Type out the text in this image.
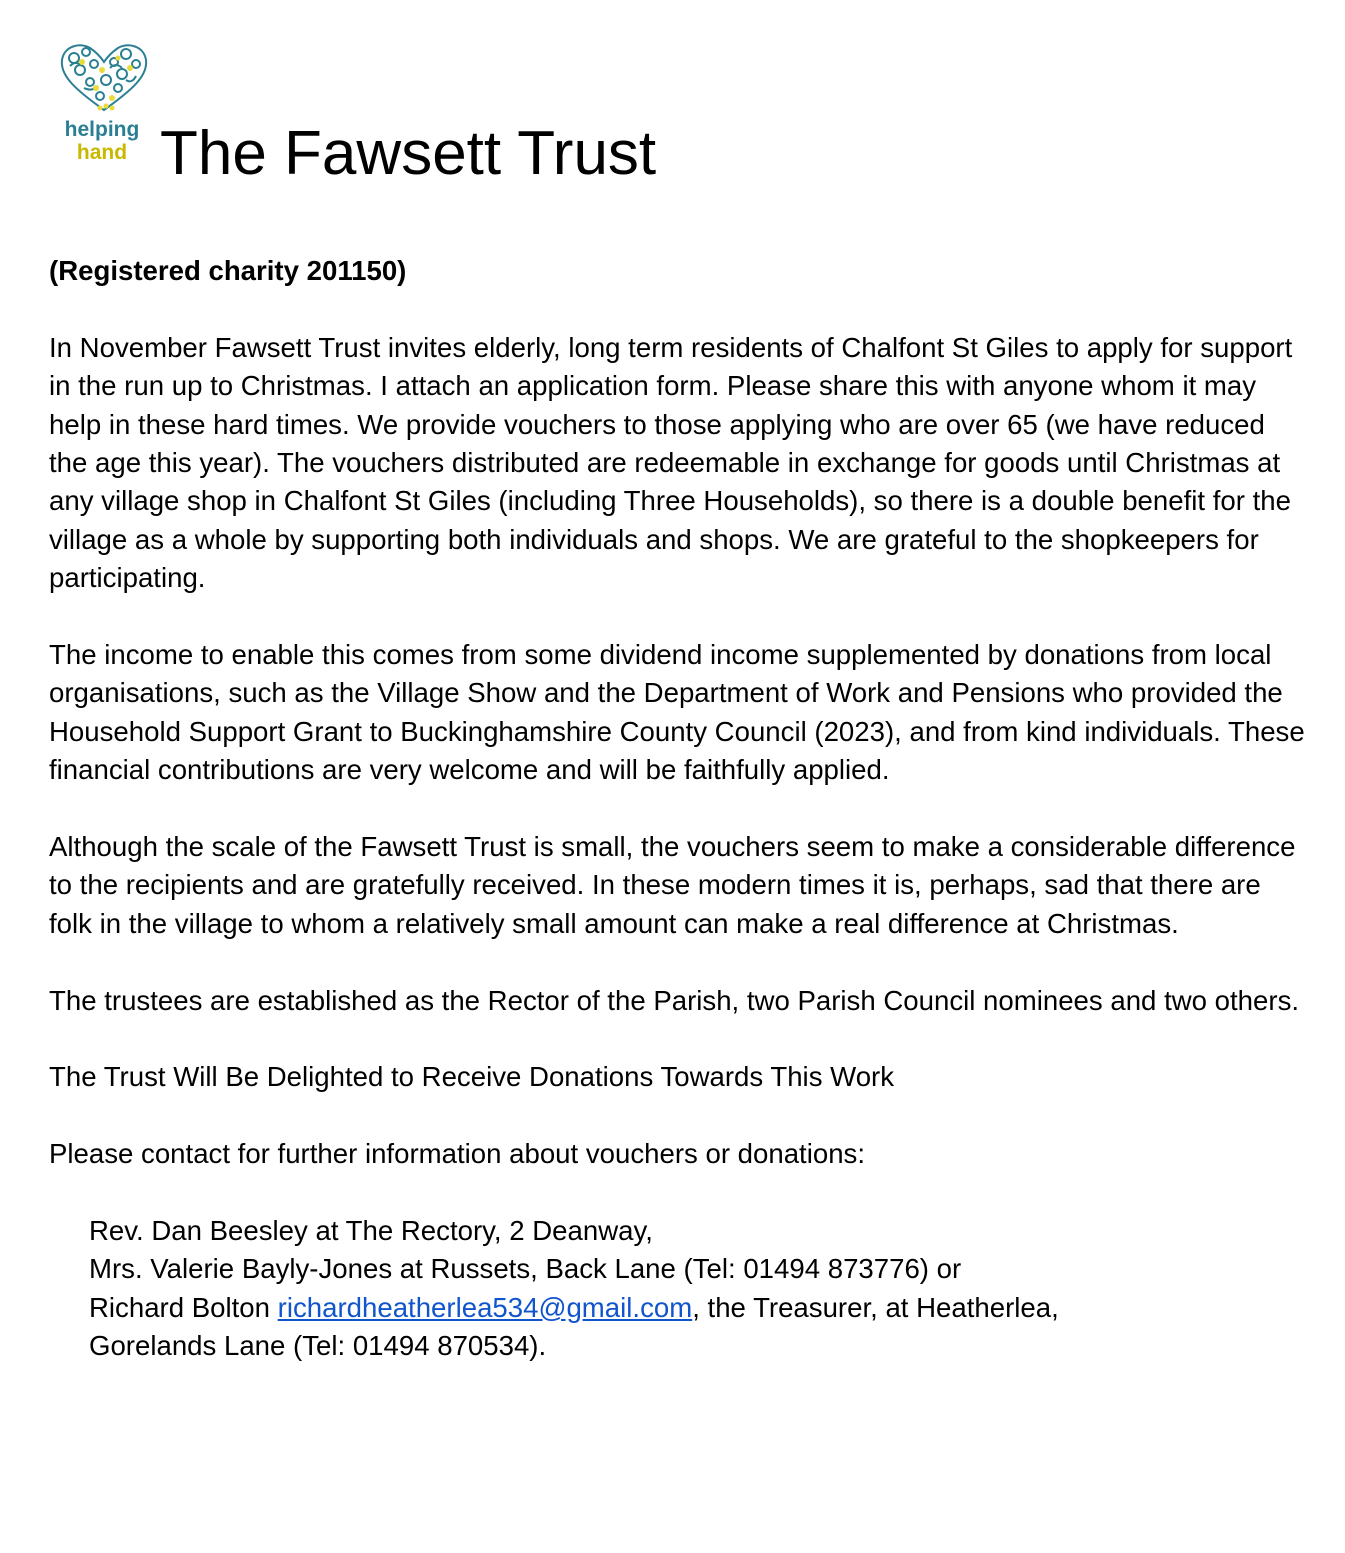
helping
hand The Fawsett Trust

(Registered charity 201150)

In November Fawsett Trust invites elderly, long term residents of Chalfont St Giles to apply for support in the run up to Christmas. I attach an application form. Please share this with anyone whom it may help in these hard times. We provide vouchers to those applying who are over 65 (we have reduced the age this year). The vouchers distributed are redeemable in exchange for goods until Christmas at any village shop in Chalfont St Giles (including Three Households), so there is a double benefit for the village as a whole by supporting both individuals and shops. We are grateful to the shopkeepers for participating.

The income to enable this comes from some dividend income supplemented by donations from local organisations, such as the Village Show and the Department of Work and Pensions who provided the Household Support Grant to Buckinghamshire County Council (2023), and from kind individuals. These financial contributions are very welcome and will be faithfully applied.

Although the scale of the Fawsett Trust is small, the vouchers seem to make a considerable difference to the recipients and are gratefully received. In these modern times it is, perhaps, sad that there are folk in the village to whom a relatively small amount can make a real difference at Christmas.

The trustees are established as the Rector of the Parish, two Parish Council nominees and two others.

The Trust Will Be Delighted to Receive Donations Towards This Work

Please contact for further information about vouchers or donations:

Rev. Dan Beesley at The Rectory, 2 Deanway,
Mrs. Valerie Bayly-Jones at Russets, Back Lane (Tel: 01494 873776) or
Richard Bolton richardheatherlea534@gmail.com, the Treasurer, at Heatherlea,
Gorelands Lane (Tel: 01494 870534).
